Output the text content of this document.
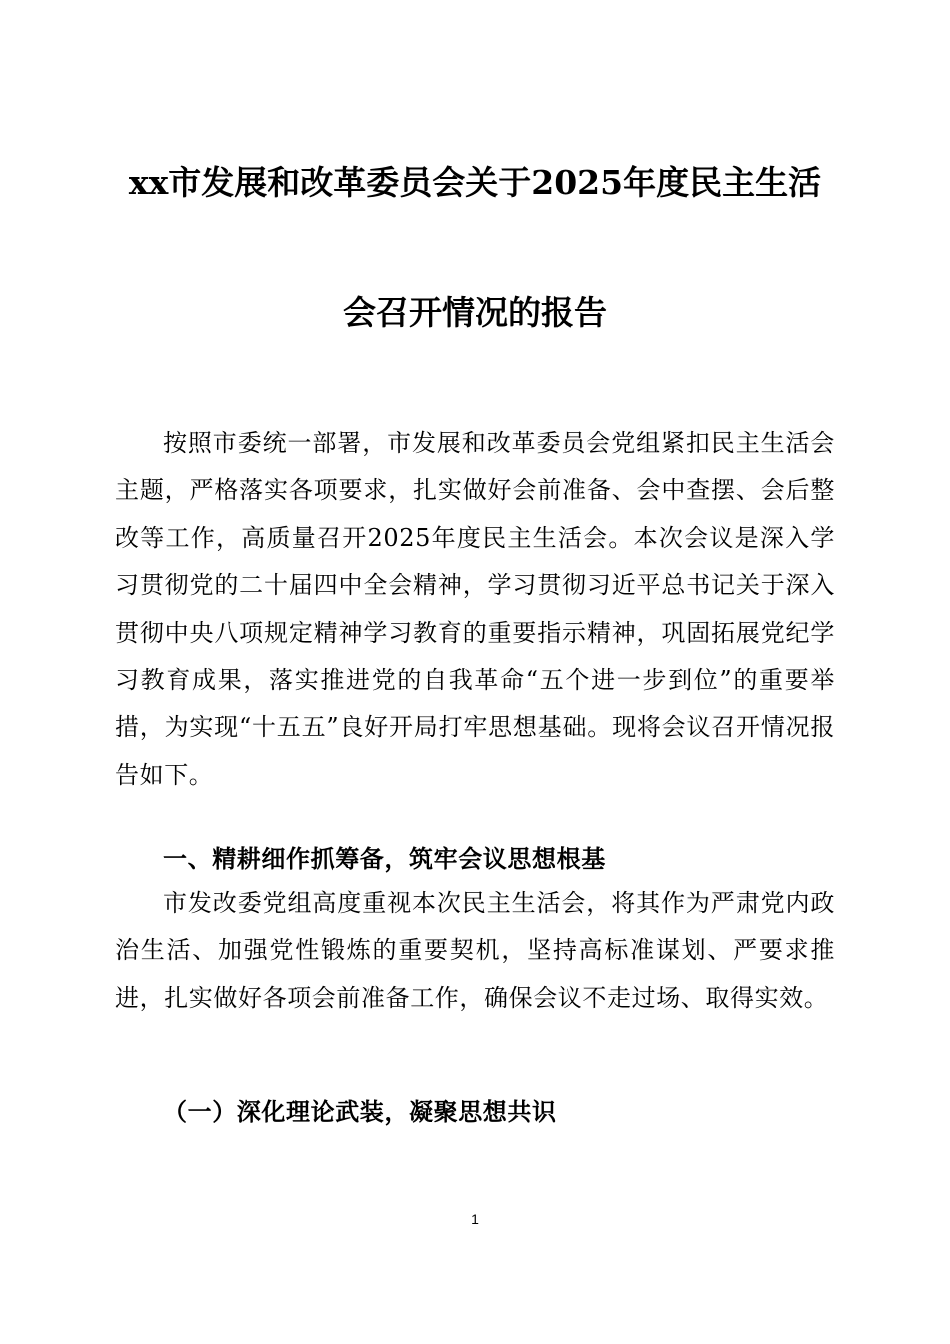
xx市发展和改革委员会关于2025年度民主生活
会召开情况的报告

按照市委统一部署，市发展和改革委员会党组紧扣民主生活会主题，严格落实各项要求，扎实做好会前准备、会中查摆、会后整改等工作，高质量召开2025年度民主生活会。本次会议是深入学习贯彻党的二十届四中全会精神，学习贯彻习近平总书记关于深入贯彻中央八项规定精神学习教育的重要指示精神，巩固拓展党纪学习教育成果，落实推进党的自我革命“五个进一步到位”的重要举措，为实现“十五五”良好开局打牢思想基础。现将会议召开情况报告如下。

一、精耕细作抓筹备，筑牢会议思想根基

市发改委党组高度重视本次民主生活会，将其作为严肃党内政治生活、加强党性锻炼的重要契机，坚持高标准谋划、严要求推进，扎实做好各项会前准备工作，确保会议不走过场、取得实效。

（一）深化理论武装，凝聚思想共识

1
